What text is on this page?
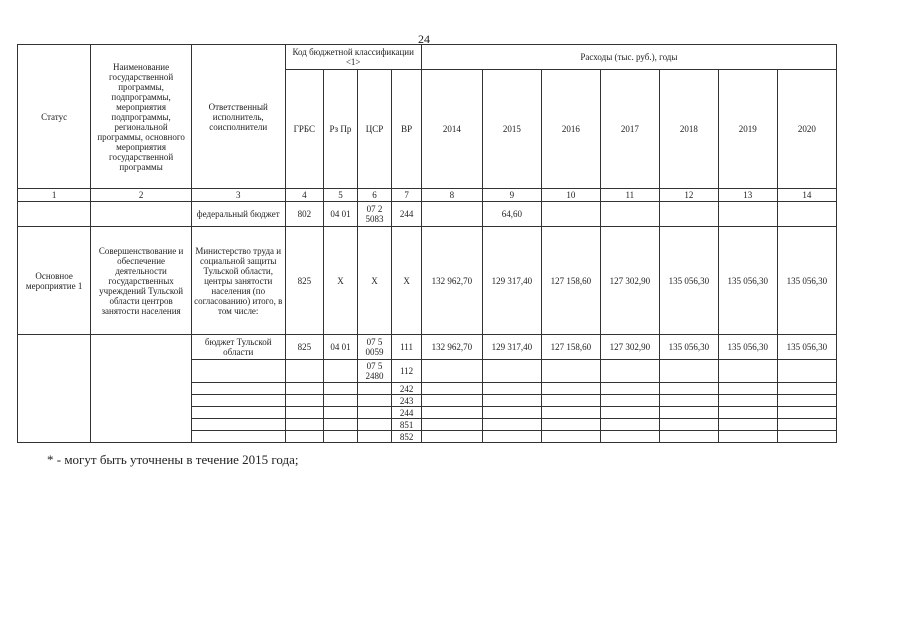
24
Статус	Наименование государственной программы, подпрограммы, мероприятия подпрограммы, региональной программы, основного мероприятия государственной программы	Ответственный исполнитель, соисполнители	Код бюджетной классификации <1>				Расходы (тыс. руб.), годы						
			ГРБС	Рз Пр	ЦСР	ВР	2014	2015	2016	2017	2018	2019	2020
1	2	3	4	5	6	7	8	9	10	11	12	13	14
		федеральный бюджет	802	04 01	07 2 5083	244		64,60					
Основное мероприятие 1	Совершенствование и обеспечение деятельности государственных учреждений Тульской области центров занятости населения	Министерство труда и социальной защиты Тульской области, центры занятости населения (по согласованию) итого, в том числе:	825	X	X	X	132 962,70	129 317,40	127 158,60	127 302,90	135 056,30	135 056,30	135 056,30
		бюджет Тульской области	825	04 01	07 5 0059	111	132 962,70	129 317,40	127 158,60	127 302,90	135 056,30	135 056,30	135 056,30
					07 5 2480	112							
						242							
						243							
						244							
						851							
						852							
* - могут быть уточнены в течение 2015 года;
